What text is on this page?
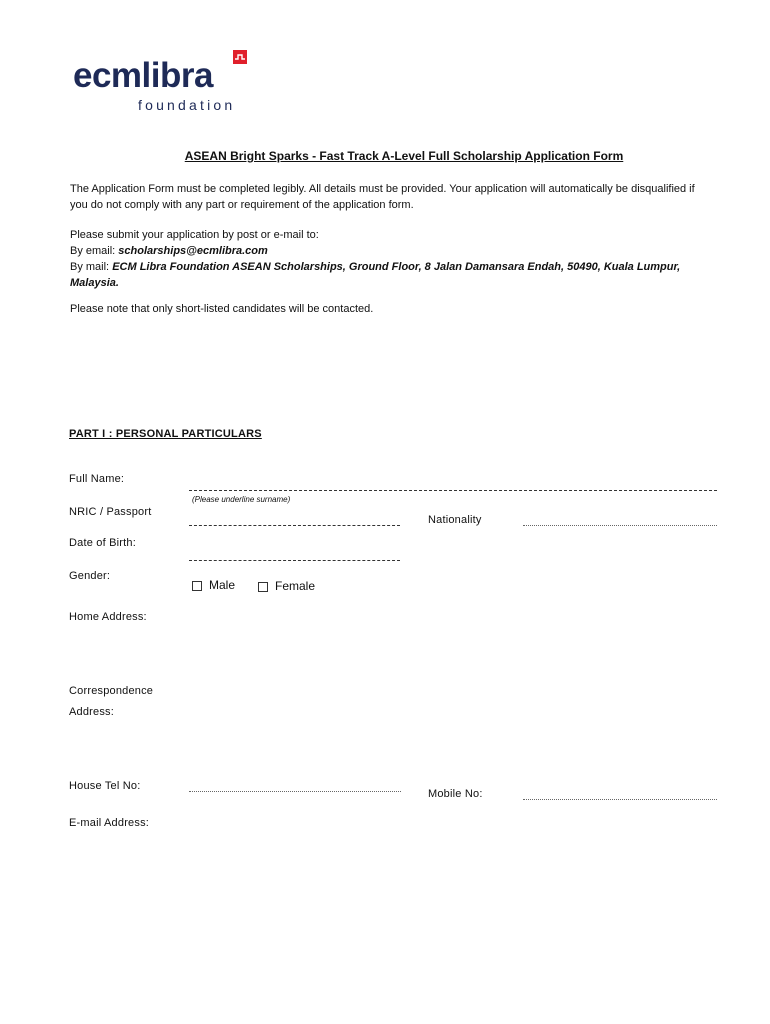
ecmlibra
foundation
ASEAN Bright Sparks - Fast Track A-Level Full Scholarship Application Form
The Application Form must be completed legibly. All details must be provided. Your application will automatically be disqualified if you do not comply with any part or requirement of the application form.
Please submit your application by post or e-mail to:
By email: scholarships@ecmlibra.com
By mail: ECM Libra Foundation ASEAN Scholarships, Ground Floor, 8 Jalan Damansara Endah, 50490, Kuala Lumpur, Malaysia.
Please note that only short-listed candidates will be contacted.
PART I : PERSONAL PARTICULARS
Full Name:
(Please underline surname)
NRIC / Passport
Nationality
Date of Birth:
Gender:
Male	Female
Home Address:
Correspondence
Address:
House Tel No:
Mobile No:
E-mail Address:
